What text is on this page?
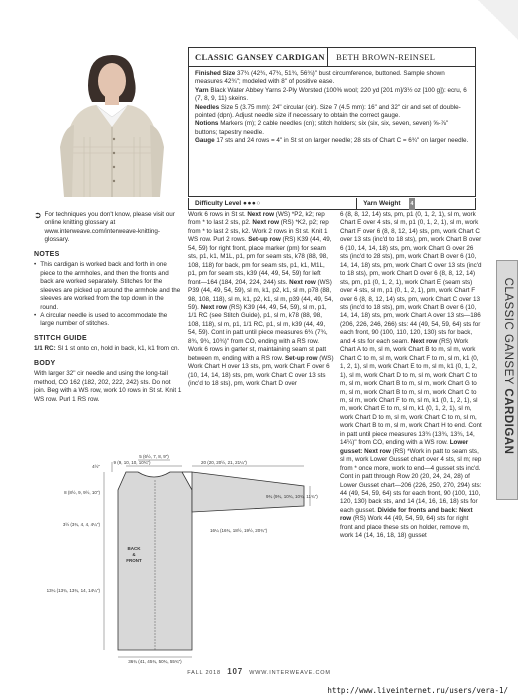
CLASSIC GANSEY CARDIGAN	BETH BROWN-REINSEL
Finished Size 37¾ (42¾, 47¾, 51¾, 56¾)" bust circumference, buttoned. Sample shown measures 42¾"; modeled with 8" of positive ease.
Yarn Black Water Abbey Yarns 2-Ply Worsted (100% wool; 220 yd [201 m]/3½ oz [100 g]): ecru, 6 (7, 8, 9, 11) skeins.
Needles Size 5 (3.75 mm): 24" circular (cir). Size 7 (4.5 mm): 16" and 32" cir and set of double-pointed (dpn). Adjust needle size if necessary to obtain the correct gauge.
Notions Markers (m); 2 cable needles (cn); stitch holders; six (six, six, seven, seven) ⅝-⅞" buttons; tapestry needle.
Gauge 17 sts and 24 rows = 4" in St st on larger needle; 28 sts of Chart C = 6¾" on larger needle.
Difficulty Level ●●●○	Yarn Weight 4
➲ For techniques you don't know, please visit our online knitting glossary at www.interweave.com/interweave-knitting-glossary.
NOTES
• This cardigan is worked back and forth in one piece to the armholes, and then the fronts and back are worked separately. Stitches for the sleeves are picked up around the armhole and the sleeves are worked from the top down in the round.
• A circular needle is used to accommodate the large number of stitches.
STITCH GUIDE
1/1 RC: Sl 1 st onto cn, hold in back, k1, k1 from cn.
BODY
With larger 32" cir needle and using the long-tail method, CO 162 (182, 202, 222, 242) sts. Do not join. Beg with a WS row, work 10 rows in St st. Knit 1 WS row. Purl 1 RS row.
Work 6 rows in St st. Next row (WS) *P2, k2; rep from * to last 2 sts, p2. Next row (RS) *K2, p2; rep from * to last 2 sts, k2. Work 2 rows in St st. Knit 1 WS row. Purl 2 rows. Set-up row (RS) K39 (44, 49, 54, 59) for right front, place marker (pm) for seam sts, p1, k1, M1L, p1, pm for seam sts, k78 (88, 98, 108, 118) for back, pm for seam sts, p1, k1, M1L, p1, pm for seam sts, k39 (44, 49, 54, 59) for left front—164 (184, 204, 224, 244) sts. Next row (WS) P39 (44, 49, 54, 59), sl m, k1, p2, k1, sl m, p78 (88, 98, 108, 118), sl m, k1, p2, k1, sl m, p39 (44, 49, 54, 59). Next row (RS) K39 (44, 49, 54, 59), sl m, p1, 1/1 RC (see Stitch Guide), p1, sl m, k78 (88, 98, 108, 118), sl m, p1, 1/1 RC, p1, sl m, k39 (44, 49, 54, 59). Cont in patt until piece measures 6¾ (7¾, 8¾, 9¾, 10¾)" from CO, ending with a RS row. Work 6 rows in garter st, maintaining seam st patt between m, ending with a RS row. Set-up row (WS) Work Chart H over 13 sts, pm, work Chart F over 6 (10, 14, 14, 18) sts, pm, work Chart C over 13 sts (inc'd to 18 sts), pm, work Chart D over
6 (8, 8, 12, 14) sts, pm, p1 (0, 1, 2, 1), sl m, work Chart E over 4 sts, sl m, p1 (0, 1, 2, 1), sl m, work Chart F over 6 (8, 8, 12, 14) sts, pm, work Chart C over 13 sts (inc'd to 18 sts), pm, work Chart B over 6 (10, 14, 14, 18) sts, pm, work Chart G over 26 sts (inc'd to 28 sts), pm, work Chart B over 6 (10, 14, 14, 18) sts, pm, work Chart C over 13 sts (inc'd to 18 sts), pm, work Chart D over 6 (8, 8, 12, 14) sts, pm, p1 (0, 1, 2, 1), work Chart E (seam sts) over 4 sts, sl m, p1 (0, 1, 2, 1), pm, work Chart F over 6 (8, 8, 12, 14) sts, pm, work Chart C over 13 sts (inc'd to 18 sts), pm, work Chart B over 6 (10, 14, 14, 18) sts, pm, work Chart A over 13 sts—186 (206, 226, 246, 266) sts: 44 (49, 54, 59, 64) sts for each front, 90 (100, 110, 120, 130) sts for back, and 4 sts for each seam. Next row (RS) Work Chart A to m, sl m, work Chart B to m, sl m, work Chart C to m, sl m, work Chart F to m, sl m, k1 (0, 1, 2, 1), sl m, work Chart E to m, sl m, k1 (0, 1, 2, 1), sl m, work Chart D to m, sl m, work Chart C to m, sl m, work Chart B to m, sl m, work Chart G to m, sl m, work Chart B to m, sl m, work Chart C to m, sl m, work Chart F to m, sl m, k1 (0, 1, 2, 1), sl m, work Chart E to m, sl m, k1 (0, 1, 2, 1), sl m, work Chart D to m, sl m, work Chart C to m, sl m, work Chart B to m, sl m, work Chart H to end. Cont in patt until piece measures 13¾ (13¾, 13¾, 14, 14¼)" from CO, ending with a WS row. Lower gusset: Next row (RS) *Work in patt to seam sts, sl m, work Lower Gusset chart over 4 sts, sl m; rep from * once more, work to end—4 gusset sts inc'd. Cont in patt through Row 20 (20, 24, 24, 28) of Lower Gusset chart—206 (226, 250, 270, 294) sts: 44 (49, 54, 59, 64) sts for each front, 90 (100, 110, 120, 130) back sts, and 14 (14, 16, 16, 18) sts for each gusset. Divide for fronts and back: Next row (RS) Work 44 (49, 54, 59, 64) sts for right front and place these sts on holder, remove m, work 14 (14, 16, 18, 18) gusset
5 (6½, 7, 8, 9")
9 (9, 10, 10, 10¾")	20 (20, 20½, 21, 21¼")
9¾ (9¾, 10¾, 10¾, 11¾")
4½"
8 (8½, 9, 9½, 10")
3½ (3¾, 4, 4, 4¼")
13¼ (13¾, 13¾, 14, 14¼")
16¼ (16¾, 18½, 19½, 20¾")
BACK
&
FRONT
36¾ (41, 45¾, 50¾, 55¾")
CLASSIC GANSEY CARDIGAN
FALL 2018 107 WWW.INTERWEAVE.COM
http://www.liveinternet.ru/users/vera-1/
